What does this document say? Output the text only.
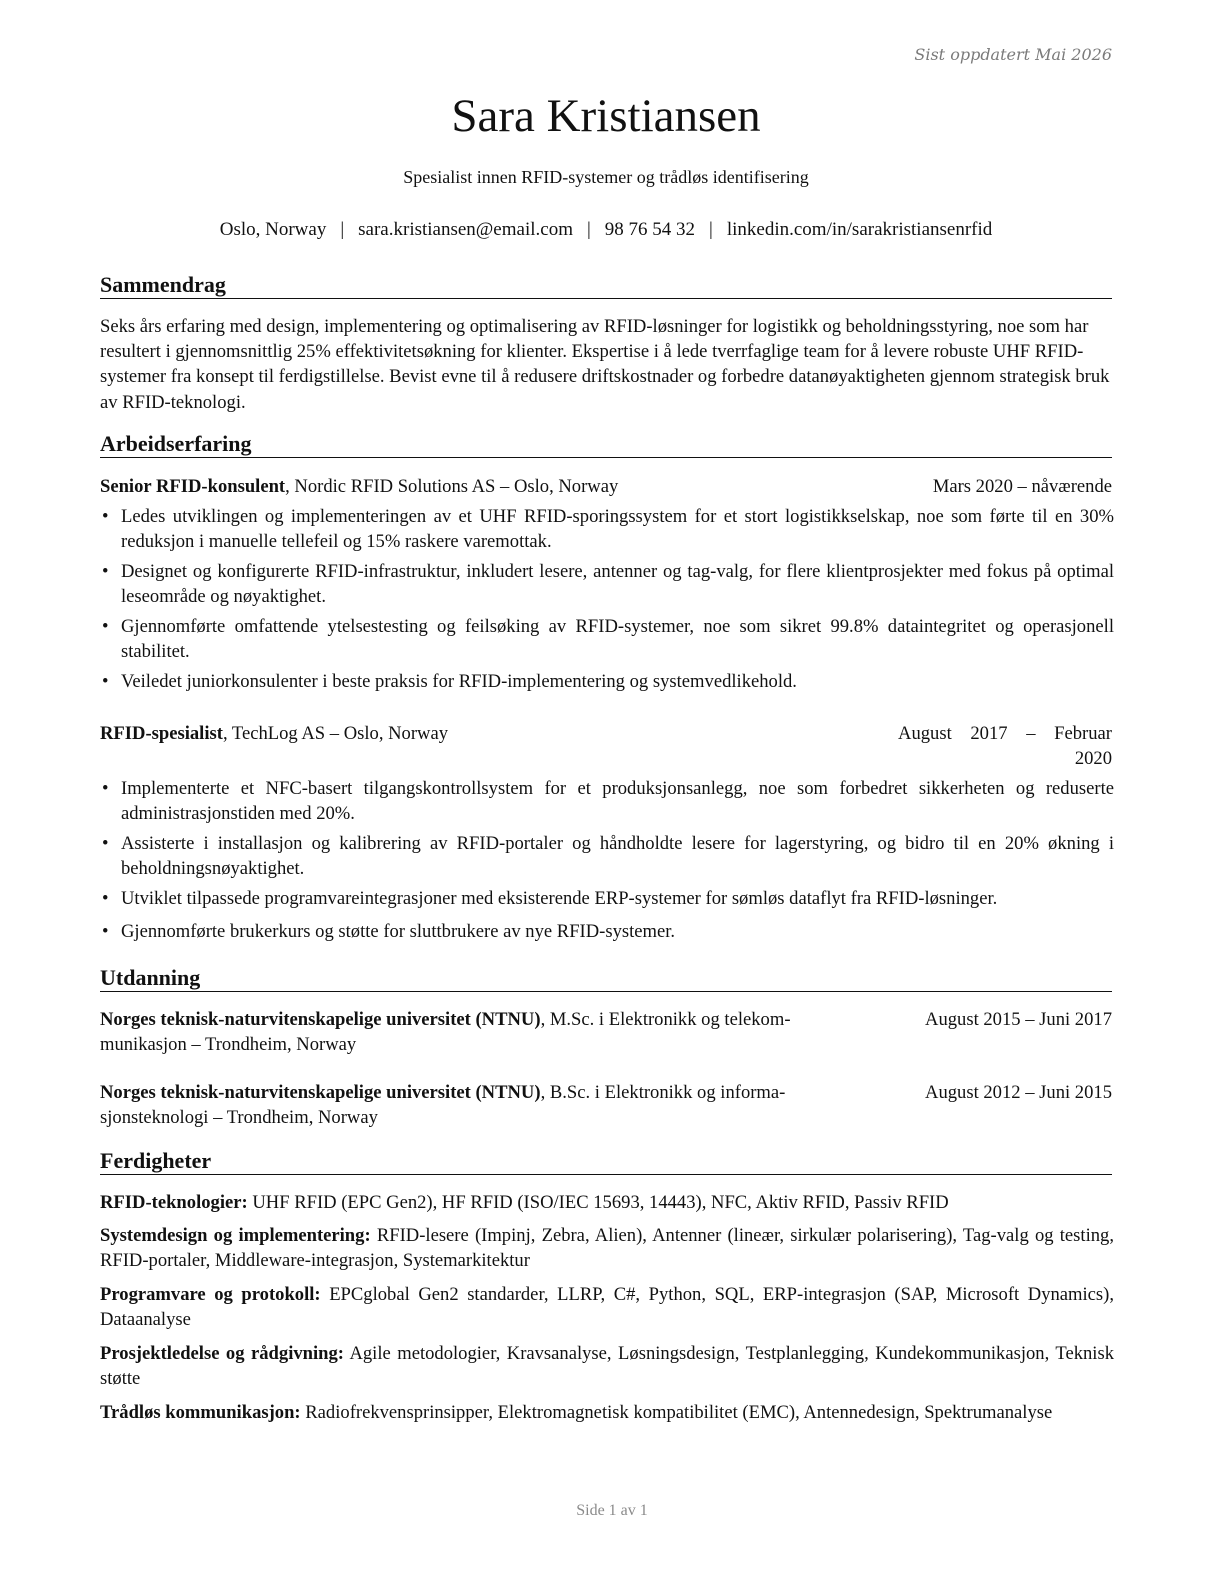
Sist oppdatert Mai 2026
Sara Kristiansen
Spesialist innen RFID-systemer og trådløs identifisering
Oslo, Norway | sara.kristiansen@email.com | 98 76 54 32 | linkedin.com/in/sarakristiansenrfid
Sammendrag
Seks års erfaring med design, implementering og optimalisering av RFID-løsninger for logistikk og beholdningsstyring, noe som har resultert i gjennomsnittlig 25% effektivitetsøkning for klienter. Ekspertise i å lede tverrfaglige team for å levere robuste UHF RFID-systemer fra konsept til ferdigstillelse. Bevist evne til å redusere driftskostnader og forbedre datanøyaktigheten gjennom strategisk bruk av RFID-teknologi.
Arbeidserfaring
Senior RFID-konsulent, Nordic RFID Solutions AS – Oslo, Norway	Mars 2020 – nåværende
• Ledes utviklingen og implementeringen av et UHF RFID-sporingssystem for et stort logistikkselskap, noe som førte til en 30% reduksjon i manuelle tellefeil og 15% raskere varemottak.
• Designet og konfigurerte RFID-infrastruktur, inkludert lesere, antenner og tag-valg, for flere klientprosjekter med fokus på optimal leseområde og nøyaktighet.
• Gjennomførte omfattende ytelsestesting og feilsøking av RFID-systemer, noe som sikret 99.8% dataintegritet og operasjonell stabilitet.
• Veiledet juniorkonsulenter i beste praksis for RFID-implementering og systemvedlikehold.
RFID-spesialist, TechLog AS – Oslo, Norway	August 2017 – Februar
2020
• Implementerte et NFC-basert tilgangskontrollsystem for et produksjonsanlegg, noe som forbedret sikkerheten og reduserte administrasjonstiden med 20%.
• Assisterte i installasjon og kalibrering av RFID-portaler og håndholdte lesere for lagerstyring, og bidro til en 20% økning i beholdningsnøyaktighet.
• Utviklet tilpassede programvareintegrasjoner med eksisterende ERP-systemer for sømløs dataflyt fra RFID-løsninger.
• Gjennomførte brukerkurs og støtte for sluttbrukere av nye RFID-systemer.
Utdanning
Norges teknisk-naturvitenskapelige universitet (NTNU), M.Sc. i Elektronikk og telekom-
munikasjon – Trondheim, Norway
August 2015 – Juni 2017
Norges teknisk-naturvitenskapelige universitet (NTNU), B.Sc. i Elektronikk og informa-
sjonsteknologi – Trondheim, Norway
August 2012 – Juni 2015
Ferdigheter
RFID-teknologier: UHF RFID (EPC Gen2), HF RFID (ISO/IEC 15693, 14443), NFC, Aktiv RFID, Passiv RFID
Systemdesign og implementering: RFID-lesere (Impinj, Zebra, Alien), Antenner (lineær, sirkulær polarisering), Tag-valg og testing, RFID-portaler, Middleware-integrasjon, Systemarkitektur
Programvare og protokoll: EPCglobal Gen2 standarder, LLRP, C#, Python, SQL, ERP-integrasjon (SAP, Microsoft Dynamics), Dataanalyse
Prosjektledelse og rådgivning: Agile metodologier, Kravsanalyse, Løsningsdesign, Testplanlegging, Kundekommunikasjon, Teknisk støtte
Trådløs kommunikasjon: Radiofrekvensprinsipper, Elektromagnetisk kompatibilitet (EMC), Antennedesign, Spektrumanalyse
Side 1 av 1
